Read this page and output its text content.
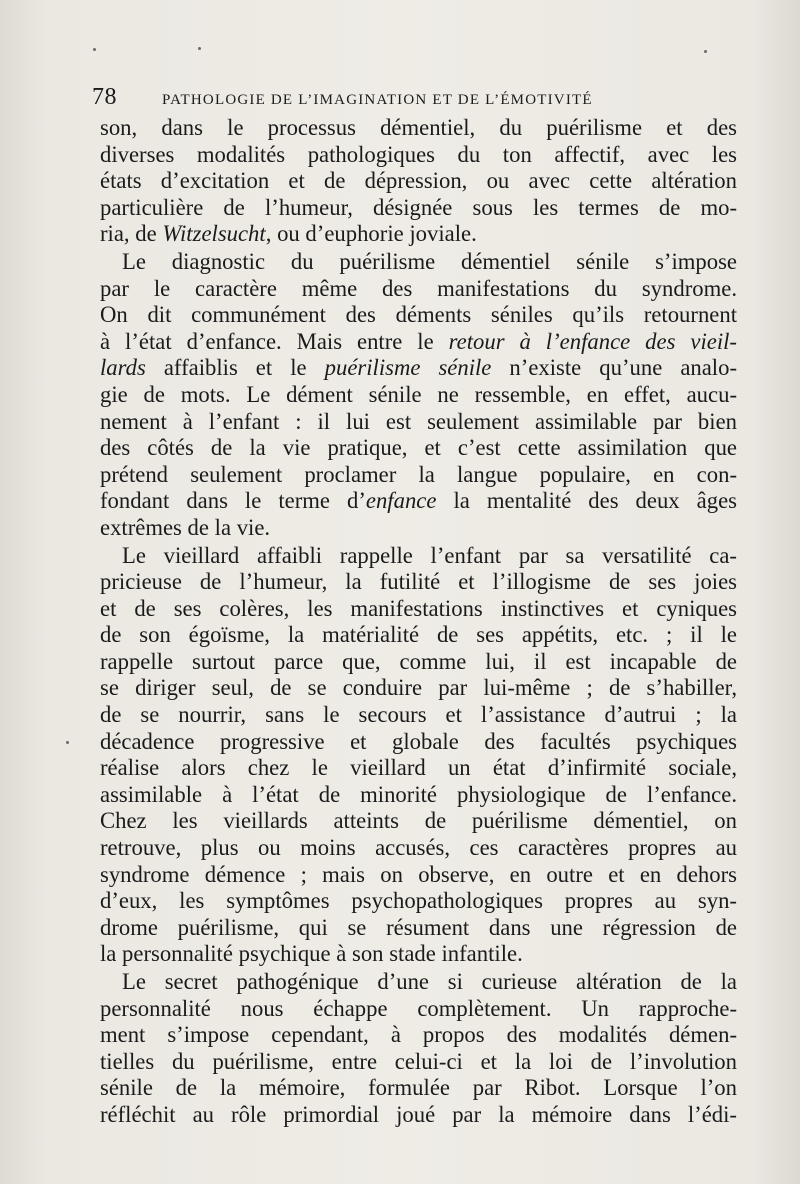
78	PATHOLOGIE DE L’IMAGINATION ET DE L’ÉMOTIVITÉ
son, dans le processus démentiel, du puérilisme et des
diverses modalités pathologiques du ton affectif, avec les
états d’excitation et de dépression, ou avec cette altération
particulière de l’humeur, désignée sous les termes de mo-
ria, de Witzelsucht, ou d’euphorie joviale.
Le diagnostic du puérilisme démentiel sénile s’impose
par le caractère même des manifestations du syndrome.
On dit communément des déments séniles qu’ils retournent
à l’état d’enfance. Mais entre le retour à l’enfance des vieil-
lards affaiblis et le puérilisme sénile n’existe qu’une analo-
gie de mots. Le dément sénile ne ressemble, en effet, aucu-
nement à l’enfant : il lui est seulement assimilable par bien
des côtés de la vie pratique, et c’est cette assimilation que
prétend seulement proclamer la langue populaire, en con-
fondant dans le terme d’enfance la mentalité des deux âges
extrêmes de la vie.
Le vieillard affaibli rappelle l’enfant par sa versatilité ca-
pricieuse de l’humeur, la futilité et l’illogisme de ses joies
et de ses colères, les manifestations instinctives et cyniques
de son égoïsme, la matérialité de ses appétits, etc. ; il le
rappelle surtout parce que, comme lui, il est incapable de
se diriger seul, de se conduire par lui-même ; de s’habiller,
de se nourrir, sans le secours et l’assistance d’autrui ; la
décadence progressive et globale des facultés psychiques
réalise alors chez le vieillard un état d’infirmité sociale,
assimilable à l’état de minorité physiologique de l’enfance.
Chez les vieillards atteints de puérilisme démentiel, on
retrouve, plus ou moins accusés, ces caractères propres au
syndrome démence ; mais on observe, en outre et en dehors
d’eux, les symptômes psychopathologiques propres au syn-
drome puérilisme, qui se résument dans une régression de
la personnalité psychique à son stade infantile.
Le secret pathogénique d’une si curieuse altération de la
personnalité nous échappe complètement. Un rapproche-
ment s’impose cependant, à propos des modalités démen-
tielles du puérilisme, entre celui-ci et la loi de l’involution
sénile de la mémoire, formulée par Ribot. Lorsque l’on
réfléchit au rôle primordial joué par la mémoire dans l’édi-
